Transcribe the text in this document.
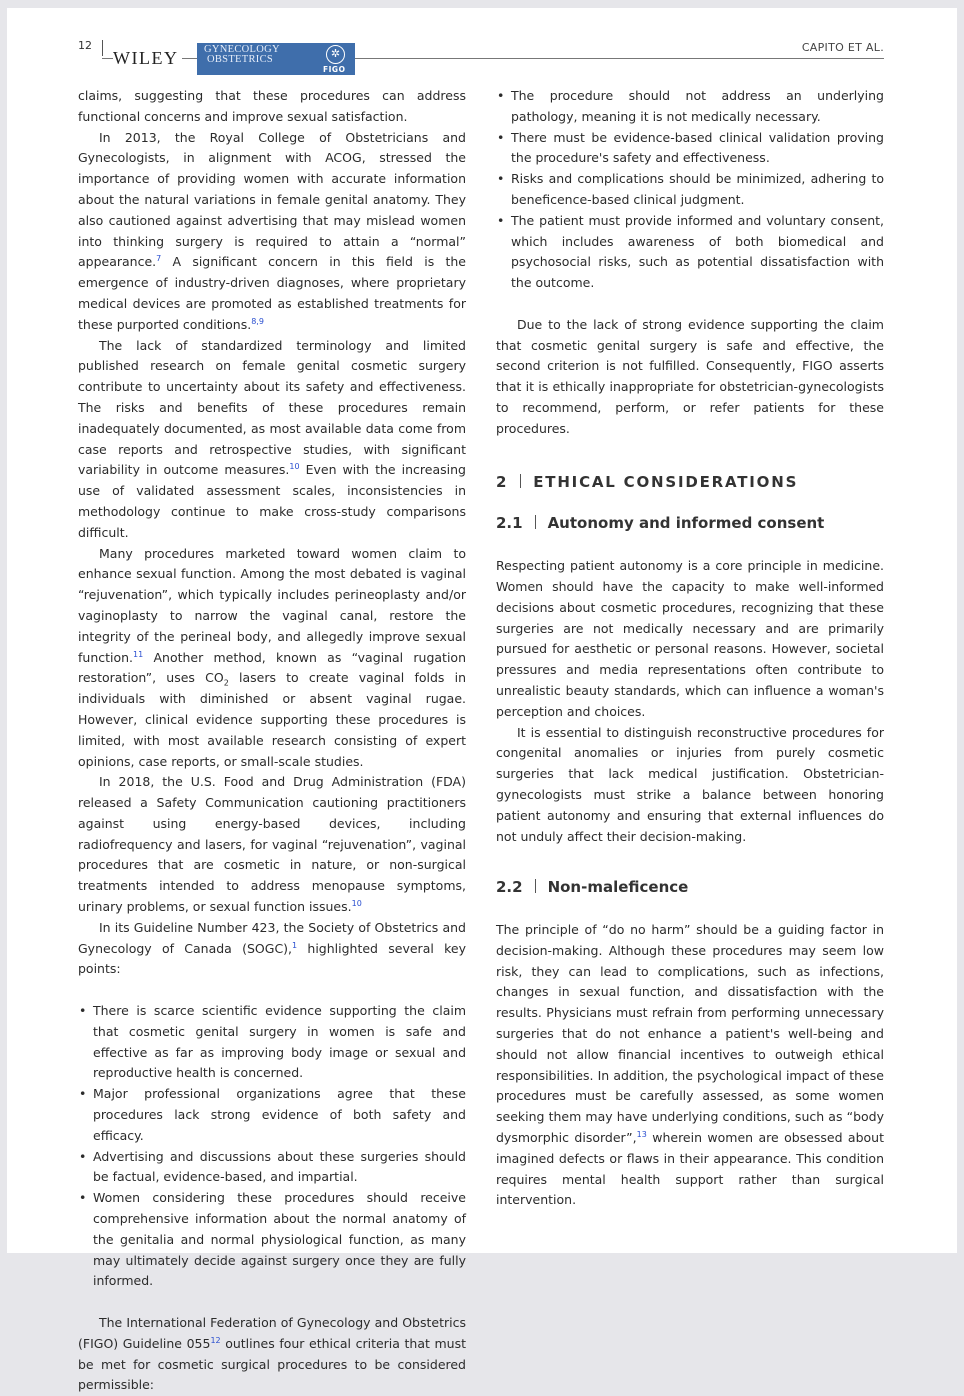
12
WILEY	GYNECOLOGY
OBSTETRICS	✲
FIGO
CAPITO ET AL.

claims, suggesting that these procedures can address functional concerns and improve sexual satisfaction.

In 2013, the Royal College of Obstetricians and Gynecologists, in alignment with ACOG, stressed the importance of providing women with accurate information about the natural variations in female genital anatomy. They also cautioned against advertising that may mislead women into thinking surgery is required to attain a “normal” appearance.$^7$ A significant concern in this field is the emergence of industry-driven diagnoses, where proprietary medical devices are promoted as established treatments for these purported conditions.$^{8,9}$

The lack of standardized terminology and limited published research on female genital cosmetic surgery contribute to uncertainty about its safety and effectiveness. The risks and benefits of these procedures remain inadequately documented, as most available data come from case reports and retrospective studies, with significant variability in outcome measures.$^{10}$ Even with the increasing use of validated assessment scales, inconsistencies in methodology continue to make cross-study comparisons difficult.

Many procedures marketed toward women claim to enhance sexual function. Among the most debated is vaginal “rejuvenation”, which typically includes perineoplasty and/or vaginoplasty to narrow the vaginal canal, restore the integrity of the perineal body, and allegedly improve sexual function.$^{11}$ Another method, known as “vaginal rugation restoration”, uses $CO_2$ lasers to create vaginal folds in individuals with diminished or absent vaginal rugae. However, clinical evidence supporting these procedures is limited, with most available research consisting of expert opinions, case reports, or small-scale studies.

In 2018, the U.S. Food and Drug Administration (FDA) released a Safety Communication cautioning practitioners against using energy-based devices, including radiofrequency and lasers, for vaginal “rejuvenation”, vaginal procedures that are cosmetic in nature, or non-surgical treatments intended to address menopause symptoms, urinary problems, or sexual function issues.$^{10}$

In its Guideline Number 423, the Society of Obstetrics and Gynecology of Canada (SOGC),$^1$ highlighted several key points:

• There is scarce scientific evidence supporting the claim that cosmetic genital surgery in women is safe and effective as far as improving body image or sexual and reproductive health is concerned.
• Major professional organizations agree that these procedures lack strong evidence of both safety and efficacy.
• Advertising and discussions about these surgeries should be factual, evidence-based, and impartial.
• Women considering these procedures should receive comprehensive information about the normal anatomy of the genitalia and normal physiological function, as many may ultimately decide against surgery once they are fully informed.

The International Federation of Gynecology and Obstetrics (FIGO) Guideline $055^{12}$ outlines four ethical criteria that must be met for cosmetic surgical procedures to be considered permissible:

• The procedure should not address an underlying pathology, meaning it is not medically necessary.
• There must be evidence-based clinical validation proving the procedure's safety and effectiveness.
• Risks and complications should be minimized, adhering to beneficence-based clinical judgment.
• The patient must provide informed and voluntary consent, which includes awareness of both biomedical and psychosocial risks, such as potential dissatisfaction with the outcome.

Due to the lack of strong evidence supporting the claim that cosmetic genital surgery is safe and effective, the second criterion is not fulfilled. Consequently, FIGO asserts that it is ethically inappropriate for obstetrician-gynecologists to recommend, perform, or refer patients for these procedures.

2 ETHICAL CONSIDERATIONS
2.1 Autonomy and informed consent

Respecting patient autonomy is a core principle in medicine. Women should have the capacity to make well-informed decisions about cosmetic procedures, recognizing that these surgeries are not medically necessary and are primarily pursued for aesthetic or personal reasons. However, societal pressures and media representations often contribute to unrealistic beauty standards, which can influence a woman's perception and choices.

It is essential to distinguish reconstructive procedures for congenital anomalies or injuries from purely cosmetic surgeries that lack medical justification. Obstetrician-gynecologists must strike a balance between honoring patient autonomy and ensuring that external influences do not unduly affect their decision-making.

2.2 Non-maleficence

The principle of “do no harm” should be a guiding factor in decision-making. Although these procedures may seem low risk, they can lead to complications, such as infections, changes in sexual function, and dissatisfaction with the results. Physicians must refrain from performing unnecessary surgeries that do not enhance a patient's well-being and should not allow financial incentives to outweigh ethical responsibilities. In addition, the psychological impact of these procedures must be carefully assessed, as some women seeking them may have underlying conditions, such as “body dysmorphic disorder”,$^{13}$ wherein women are obsessed about imagined defects or flaws in their appearance. This condition requires mental health support rather than surgical intervention.
